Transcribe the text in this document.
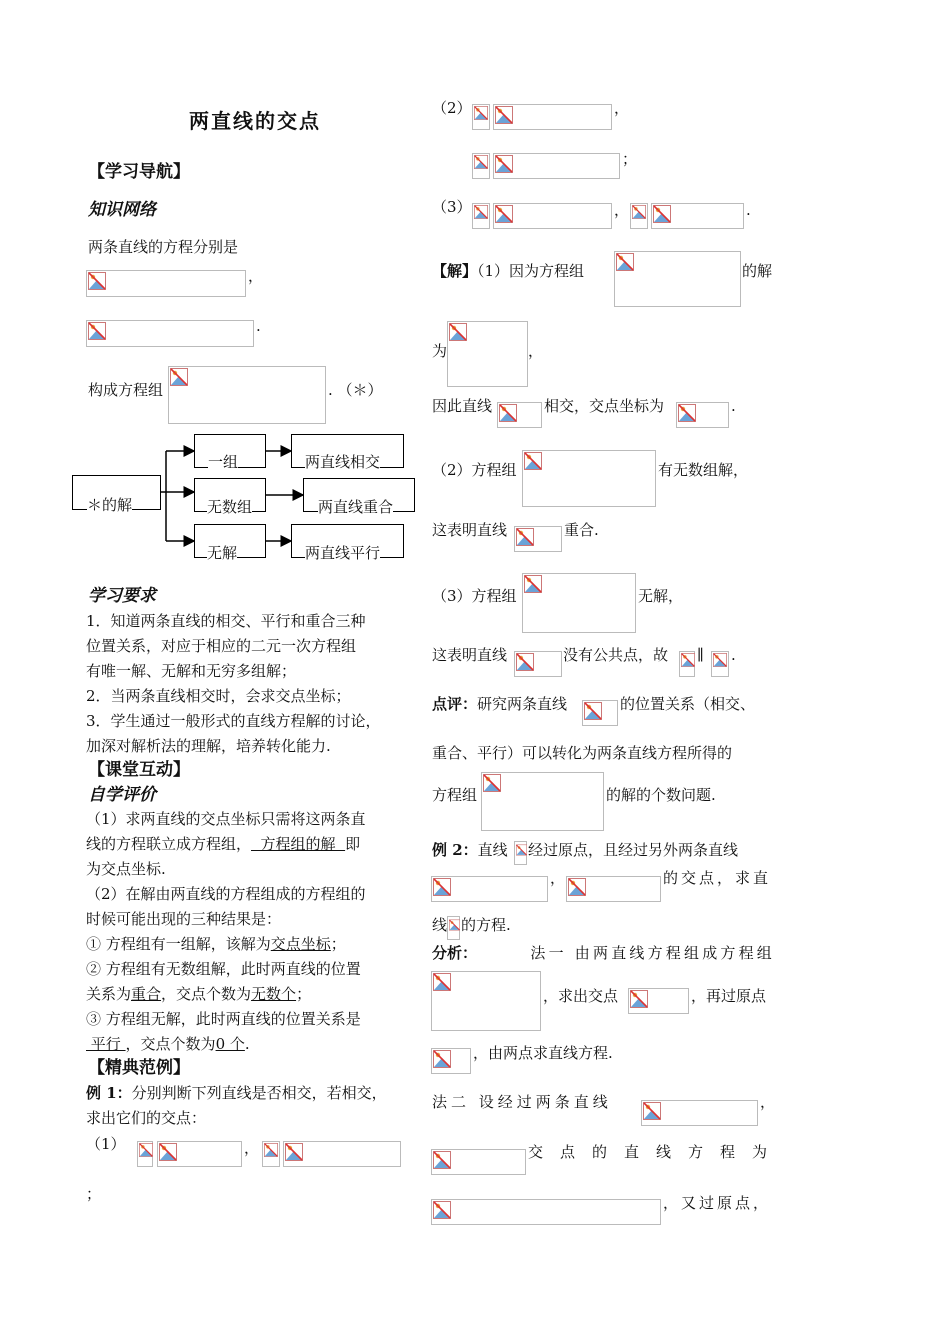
两直线的交点
【学习导航】
知识网络
两条直线的方程分别是
，
.
构成方程组	. （＊）
＊的解
一组
无数组
无解
两直线相交
两直线重合
两直线平行
学习要求
1．知道两条直线的相交、平行和重合三种
位置关系，对应于相应的二元一次方程组
有唯一解、无解和无穷多组解；
2．当两条直线相交时，会求交点坐标；
3．学生通过一般形式的直线方程解的讨论，
加深对解析法的理解，培养转化能力.
【课堂互动】
自学评价
（1）求两直线的交点坐标只需将这两条直
线的方程联立成方程组，  方程组的解  即
为交点坐标.
（2）在解由两直线的方程组成的方程组的
时候可能出现的三种结果是：
① 方程组有一组解，该解为交点坐标；
② 方程组有无数组解，此时两直线的位置
关系为重合，交点个数为无数个；
③ 方程组无解，此时两直线的位置关系是
平行 ，交点个数为0 个.
【精典范例】
例 1：分别判断下列直线是否相交，若相交，
求出它们的交点：
（1）	，
；
（2）	，
；
（3）	，	.
【解】（1）因为方程组	的解
为	，
因此直线	相交，交点坐标为	.
（2）方程组	有无数组解，
这表明直线	重合.
（3）方程组	无解，
这表明直线	没有公共点，故 ∥ .
点评：研究两条直线	的位置关系（相交、
重合、平行）可以转化为两条直线方程所得的
方程组	的解的个数问题.
例 2：直线 经过原点，且经过另外两条直线
，	的交点，求直
线 的方程.
分析：	法一 由两直线方程组成方程组
，求出交点	，再过原点
，由两点求直线方程.
法二 设经过两条直线	，
交点的直线方程为
，又过原点，
